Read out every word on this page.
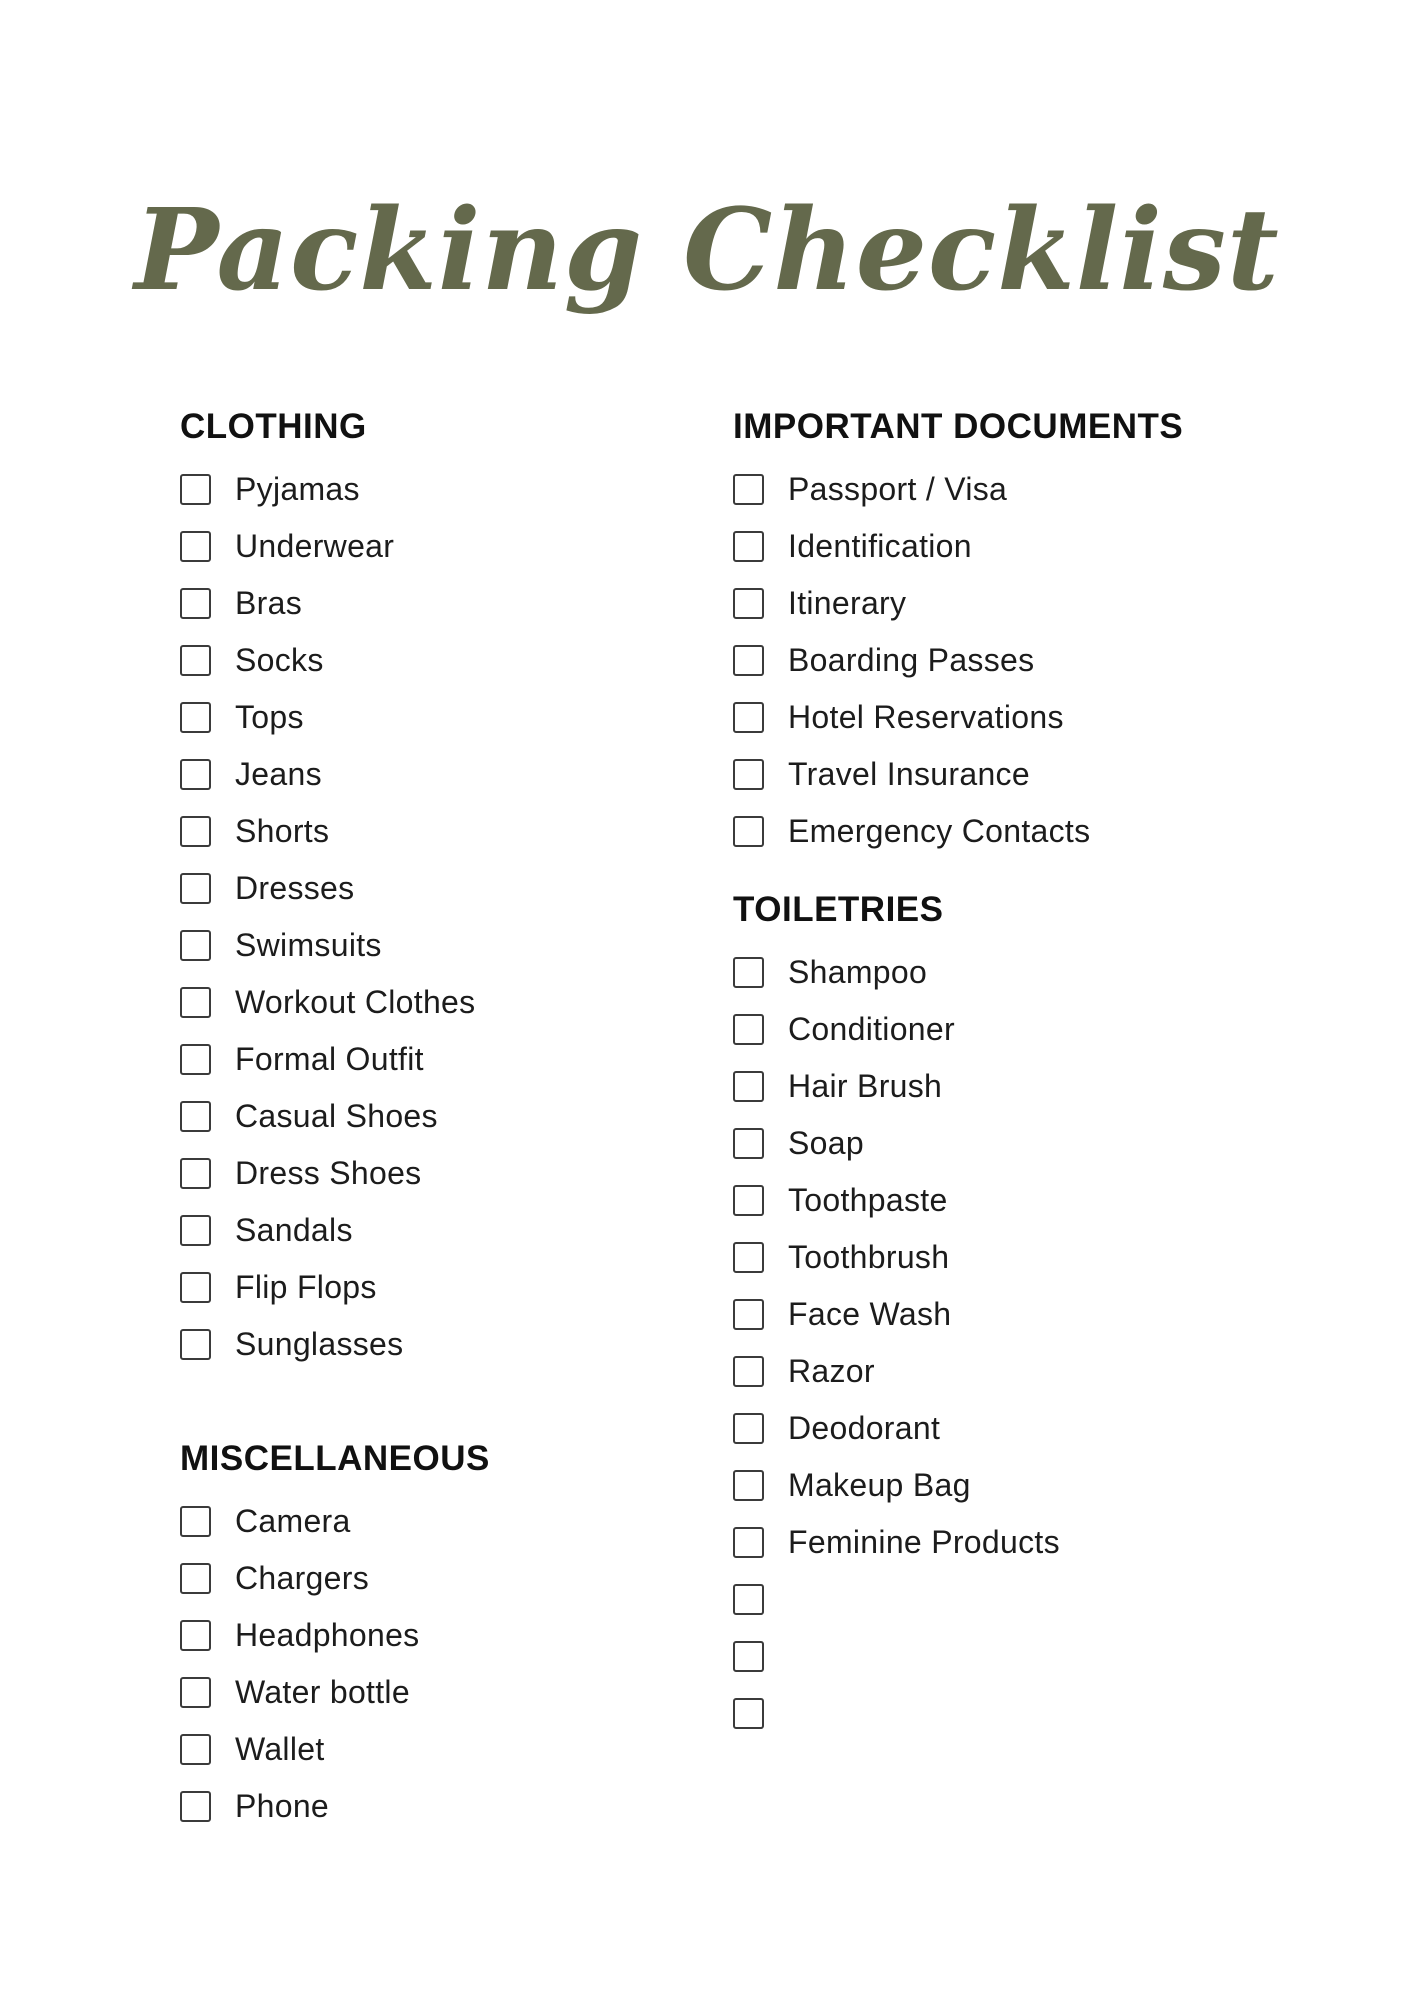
Packing Checklist
CLOTHING
Pyjamas
Underwear
Bras
Socks
Tops
Jeans
Shorts
Dresses
Swimsuits
Workout Clothes
Formal Outfit
Casual Shoes
Dress Shoes
Sandals
Flip Flops
Sunglasses
MISCELLANEOUS
Camera
Chargers
Headphones
Water bottle
Wallet
Phone
IMPORTANT DOCUMENTS
Passport / Visa
Identification
Itinerary
Boarding Passes
Hotel Reservations
Travel Insurance
Emergency Contacts
TOILETRIES
Shampoo
Conditioner
Hair Brush
Soap
Toothpaste
Toothbrush
Face Wash
Razor
Deodorant
Makeup Bag
Feminine Products
